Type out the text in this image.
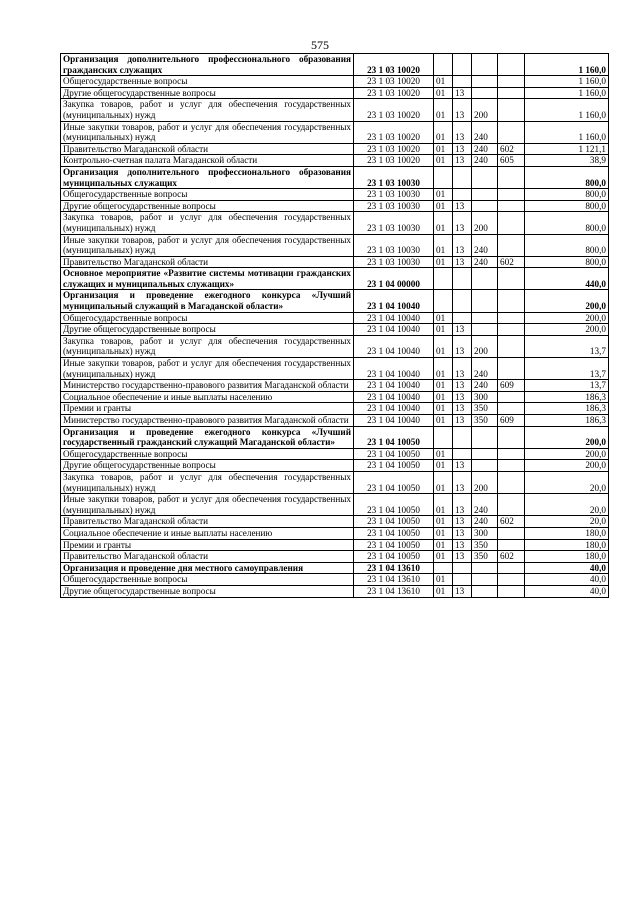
575
Организация дополнительного профессионального образования гражданских служащих	23 1 03 10020					1 160,0
Общегосударственные вопросы	23 1 03 10020	01				1 160,0
Другие общегосударственные вопросы	23 1 03 10020	01	13			1 160,0
Закупка товаров, работ и услуг для обеспечения государственных (муниципальных) нужд	23 1 03 10020	01	13	200		1 160,0
Иные закупки товаров, работ и услуг для обеспечения государственных (муниципальных) нужд	23 1 03 10020	01	13	240		1 160,0
Правительство Магаданской области	23 1 03 10020	01	13	240	602	1 121,1
Контрольно-счетная палата Магаданской области	23 1 03 10020	01	13	240	605	38,9
Организация дополнительного профессионального образования муниципальных служащих	23 1 03 10030					800,0
Общегосударственные вопросы	23 1 03 10030	01				800,0
Другие общегосударственные вопросы	23 1 03 10030	01	13			800,0
Закупка товаров, работ и услуг для обеспечения государственных (муниципальных) нужд	23 1 03 10030	01	13	200		800,0
Иные закупки товаров, работ и услуг для обеспечения государственных (муниципальных) нужд	23 1 03 10030	01	13	240		800,0
Правительство Магаданской области	23 1 03 10030	01	13	240	602	800,0
Основное мероприятие «Развитие системы мотивации гражданских служащих и муниципальных служащих»	23 1 04 00000					440,0
Организация и проведение ежегодного конкурса «Лучший муниципальный служащий в Магаданской области»	23 1 04 10040					200,0
Общегосударственные вопросы	23 1 04 10040	01				200,0
Другие общегосударственные вопросы	23 1 04 10040	01	13			200,0
Закупка товаров, работ и услуг для обеспечения государственных (муниципальных) нужд	23 1 04 10040	01	13	200		13,7
Иные закупки товаров, работ и услуг для обеспечения государственных (муниципальных) нужд	23 1 04 10040	01	13	240		13,7
Министерство государственно-правового развития Магаданской области	23 1 04 10040	01	13	240	609	13,7
Социальное обеспечение и иные выплаты населению	23 1 04 10040	01	13	300		186,3
Премии и гранты	23 1 04 10040	01	13	350		186,3
Министерство государственно-правового развития Магаданской области	23 1 04 10040	01	13	350	609	186,3
Организация и проведение ежегодного конкурса «Лучший государственный гражданский служащий Магаданской области»	23 1 04 10050					200,0
Общегосударственные вопросы	23 1 04 10050	01				200,0
Другие общегосударственные вопросы	23 1 04 10050	01	13			200,0
Закупка товаров, работ и услуг для обеспечения государственных (муниципальных) нужд	23 1 04 10050	01	13	200		20,0
Иные закупки товаров, работ и услуг для обеспечения государственных (муниципальных) нужд	23 1 04 10050	01	13	240		20,0
Правительство Магаданской области	23 1 04 10050	01	13	240	602	20,0
Социальное обеспечение и иные выплаты населению	23 1 04 10050	01	13	300		180,0
Премии и гранты	23 1 04 10050	01	13	350		180,0
Правительство Магаданской области	23 1 04 10050	01	13	350	602	180,0
Организация и проведение дня местного самоуправления	23 1 04 13610					40,0
Общегосударственные вопросы	23 1 04 13610	01				40,0
Другие общегосударственные вопросы	23 1 04 13610	01	13			40,0
